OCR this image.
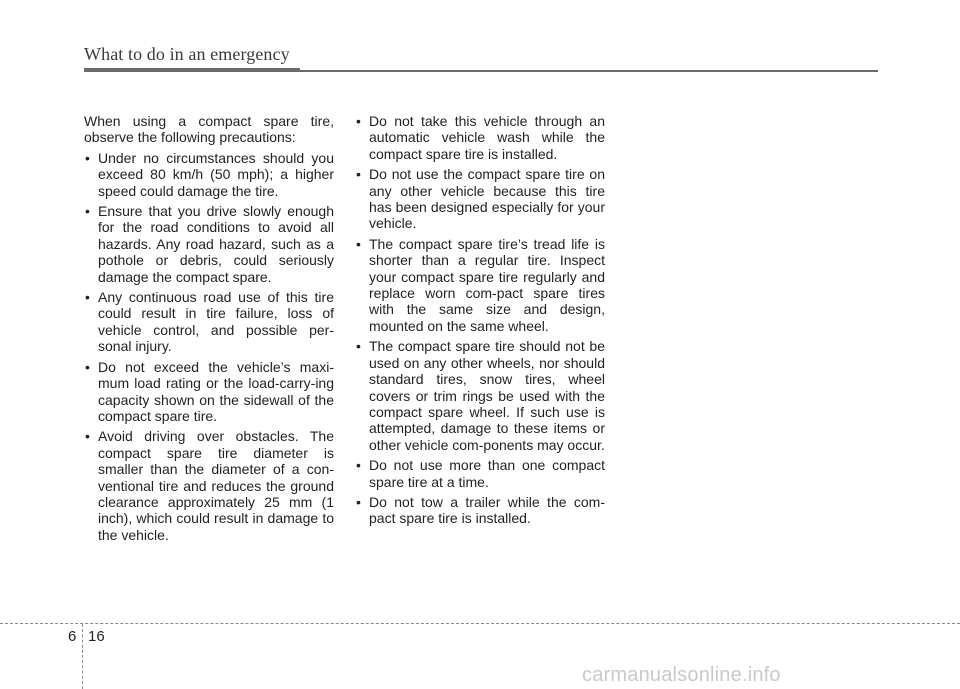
What to do in an emergency

When using a compact spare tire, observe the following precautions:

• Under no circumstances should you exceed 80 km/h (50 mph); a higher speed could damage the tire.
• Ensure that you drive slowly enough for the road conditions to avoid all hazards. Any road hazard, such as a pothole or debris, could seriously damage the compact spare.
• Any continuous road use of this tire could result in tire failure, loss of vehicle control, and possible per-sonal injury.
• Do not exceed the vehicle’s maxi-mum load rating or the load-carry-ing capacity shown on the sidewall of the compact spare tire.
• Avoid driving over obstacles. The compact spare tire diameter is smaller than the diameter of a con-ventional tire and reduces the ground clearance approximately 25 mm (1 inch), which could result in damage to the vehicle.
• Do not take this vehicle through an automatic vehicle wash while the compact spare tire is installed.
• Do not use the compact spare tire on any other vehicle because this tire has been designed especially for your vehicle.
• The compact spare tire’s tread life is shorter than a regular tire. Inspect your compact spare tire regularly and replace worn com-pact spare tires with the same size and design, mounted on the same wheel.
• The compact spare tire should not be used on any other wheels, nor should standard tires, snow tires, wheel covers or trim rings be used with the compact spare wheel. If such use is attempted, damage to these items or other vehicle com-ponents may occur.
• Do not use more than one compact spare tire at a time.
• Do not tow a trailer while the com-pact spare tire is installed.
6 16
carmanualsonline.info
